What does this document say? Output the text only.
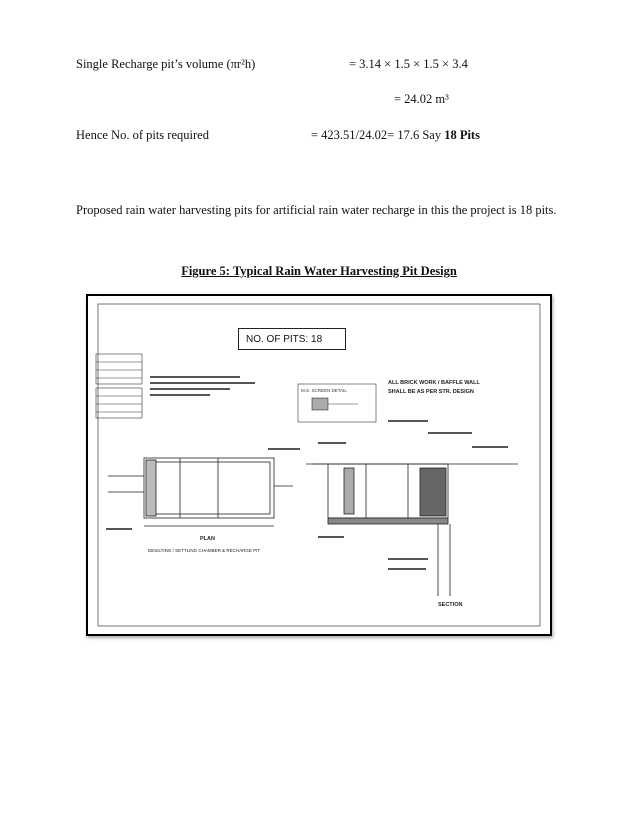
Single Recharge pit’s volume (πr²h)	= 3.14 × 1.5 × 1.5 × 3.4
= 24.02 m³
Hence No. of pits required	= 423.51/24.02= 17.6 Say 18 Pits
Proposed rain water harvesting pits for artificial rain water recharge in this the project is 18 pits.
Figure 5: Typical Rain Water Harvesting Pit Design
M.S. SCREEN DETAIL
ALL BRICK WORK / BAFFLE WALL SHALL BE AS PER STR. DESIGN
PLAN
DESILTING / SETTLING CHAMBER & RECHARGE PIT
SECTION
NO. OF PITS: 18
